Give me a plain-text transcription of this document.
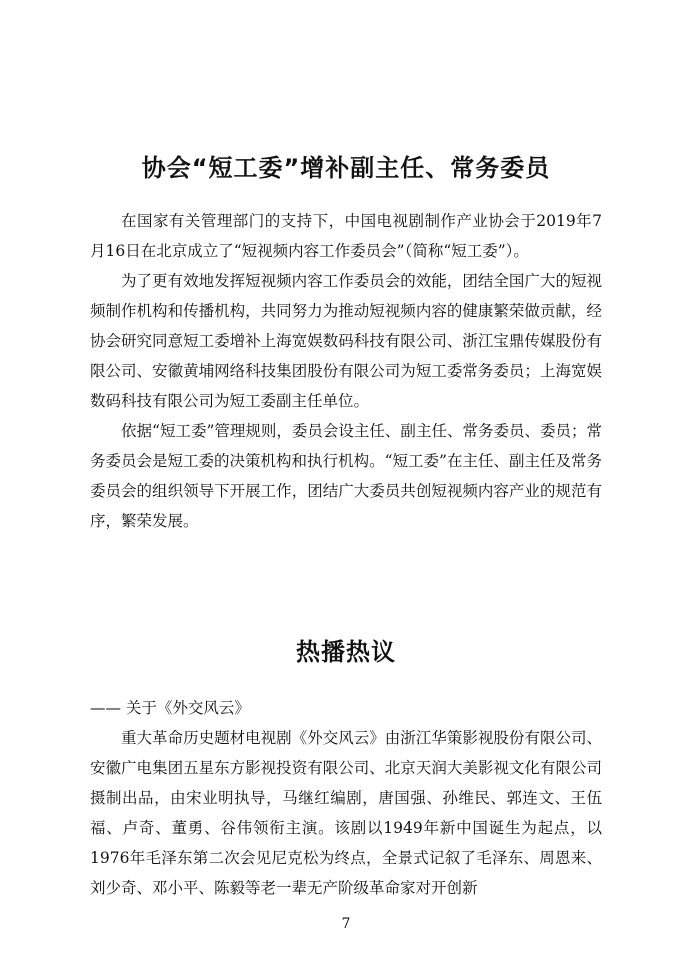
协会“短工委”增补副主任、常务委员

在国家有关管理部门的支持下，中国电视剧制作产业协会于2019年7月16日在北京成立了“短视频内容工作委员会”（简称“短工委”）。

为了更有效地发挥短视频内容工作委员会的效能，团结全国广大的短视频制作机构和传播机构，共同努力为推动短视频内容的健康繁荣做贡献，经协会研究同意短工委增补上海宽娱数码科技有限公司、浙江宝鼎传媒股份有限公司、安徽黄埔网络科技集团股份有限公司为短工委常务委员；上海宽娱数码科技有限公司为短工委副主任单位。

依据“短工委”管理规则，委员会设主任、副主任、常务委员、委员；常务委员会是短工委的决策机构和执行机构。“短工委”在主任、副主任及常务委员会的组织领导下开展工作，团结广大委员共创短视频内容产业的规范有序，繁荣发展。

热播热议

—— 关于《外交风云》

重大革命历史题材电视剧《外交风云》由浙江华策影视股份有限公司、安徽广电集团五星东方影视投资有限公司、北京天润大美影视文化有限公司摄制出品，由宋业明执导，马继红编剧，唐国强、孙维民、郭连文、王伍福、卢奇、董勇、谷伟领衔主演。该剧以1949年新中国诞生为起点，以1976年毛泽东第二次会见尼克松为终点，全景式记叙了毛泽东、周恩来、刘少奇、邓小平、陈毅等老一辈无产阶级革命家对开创新

7
